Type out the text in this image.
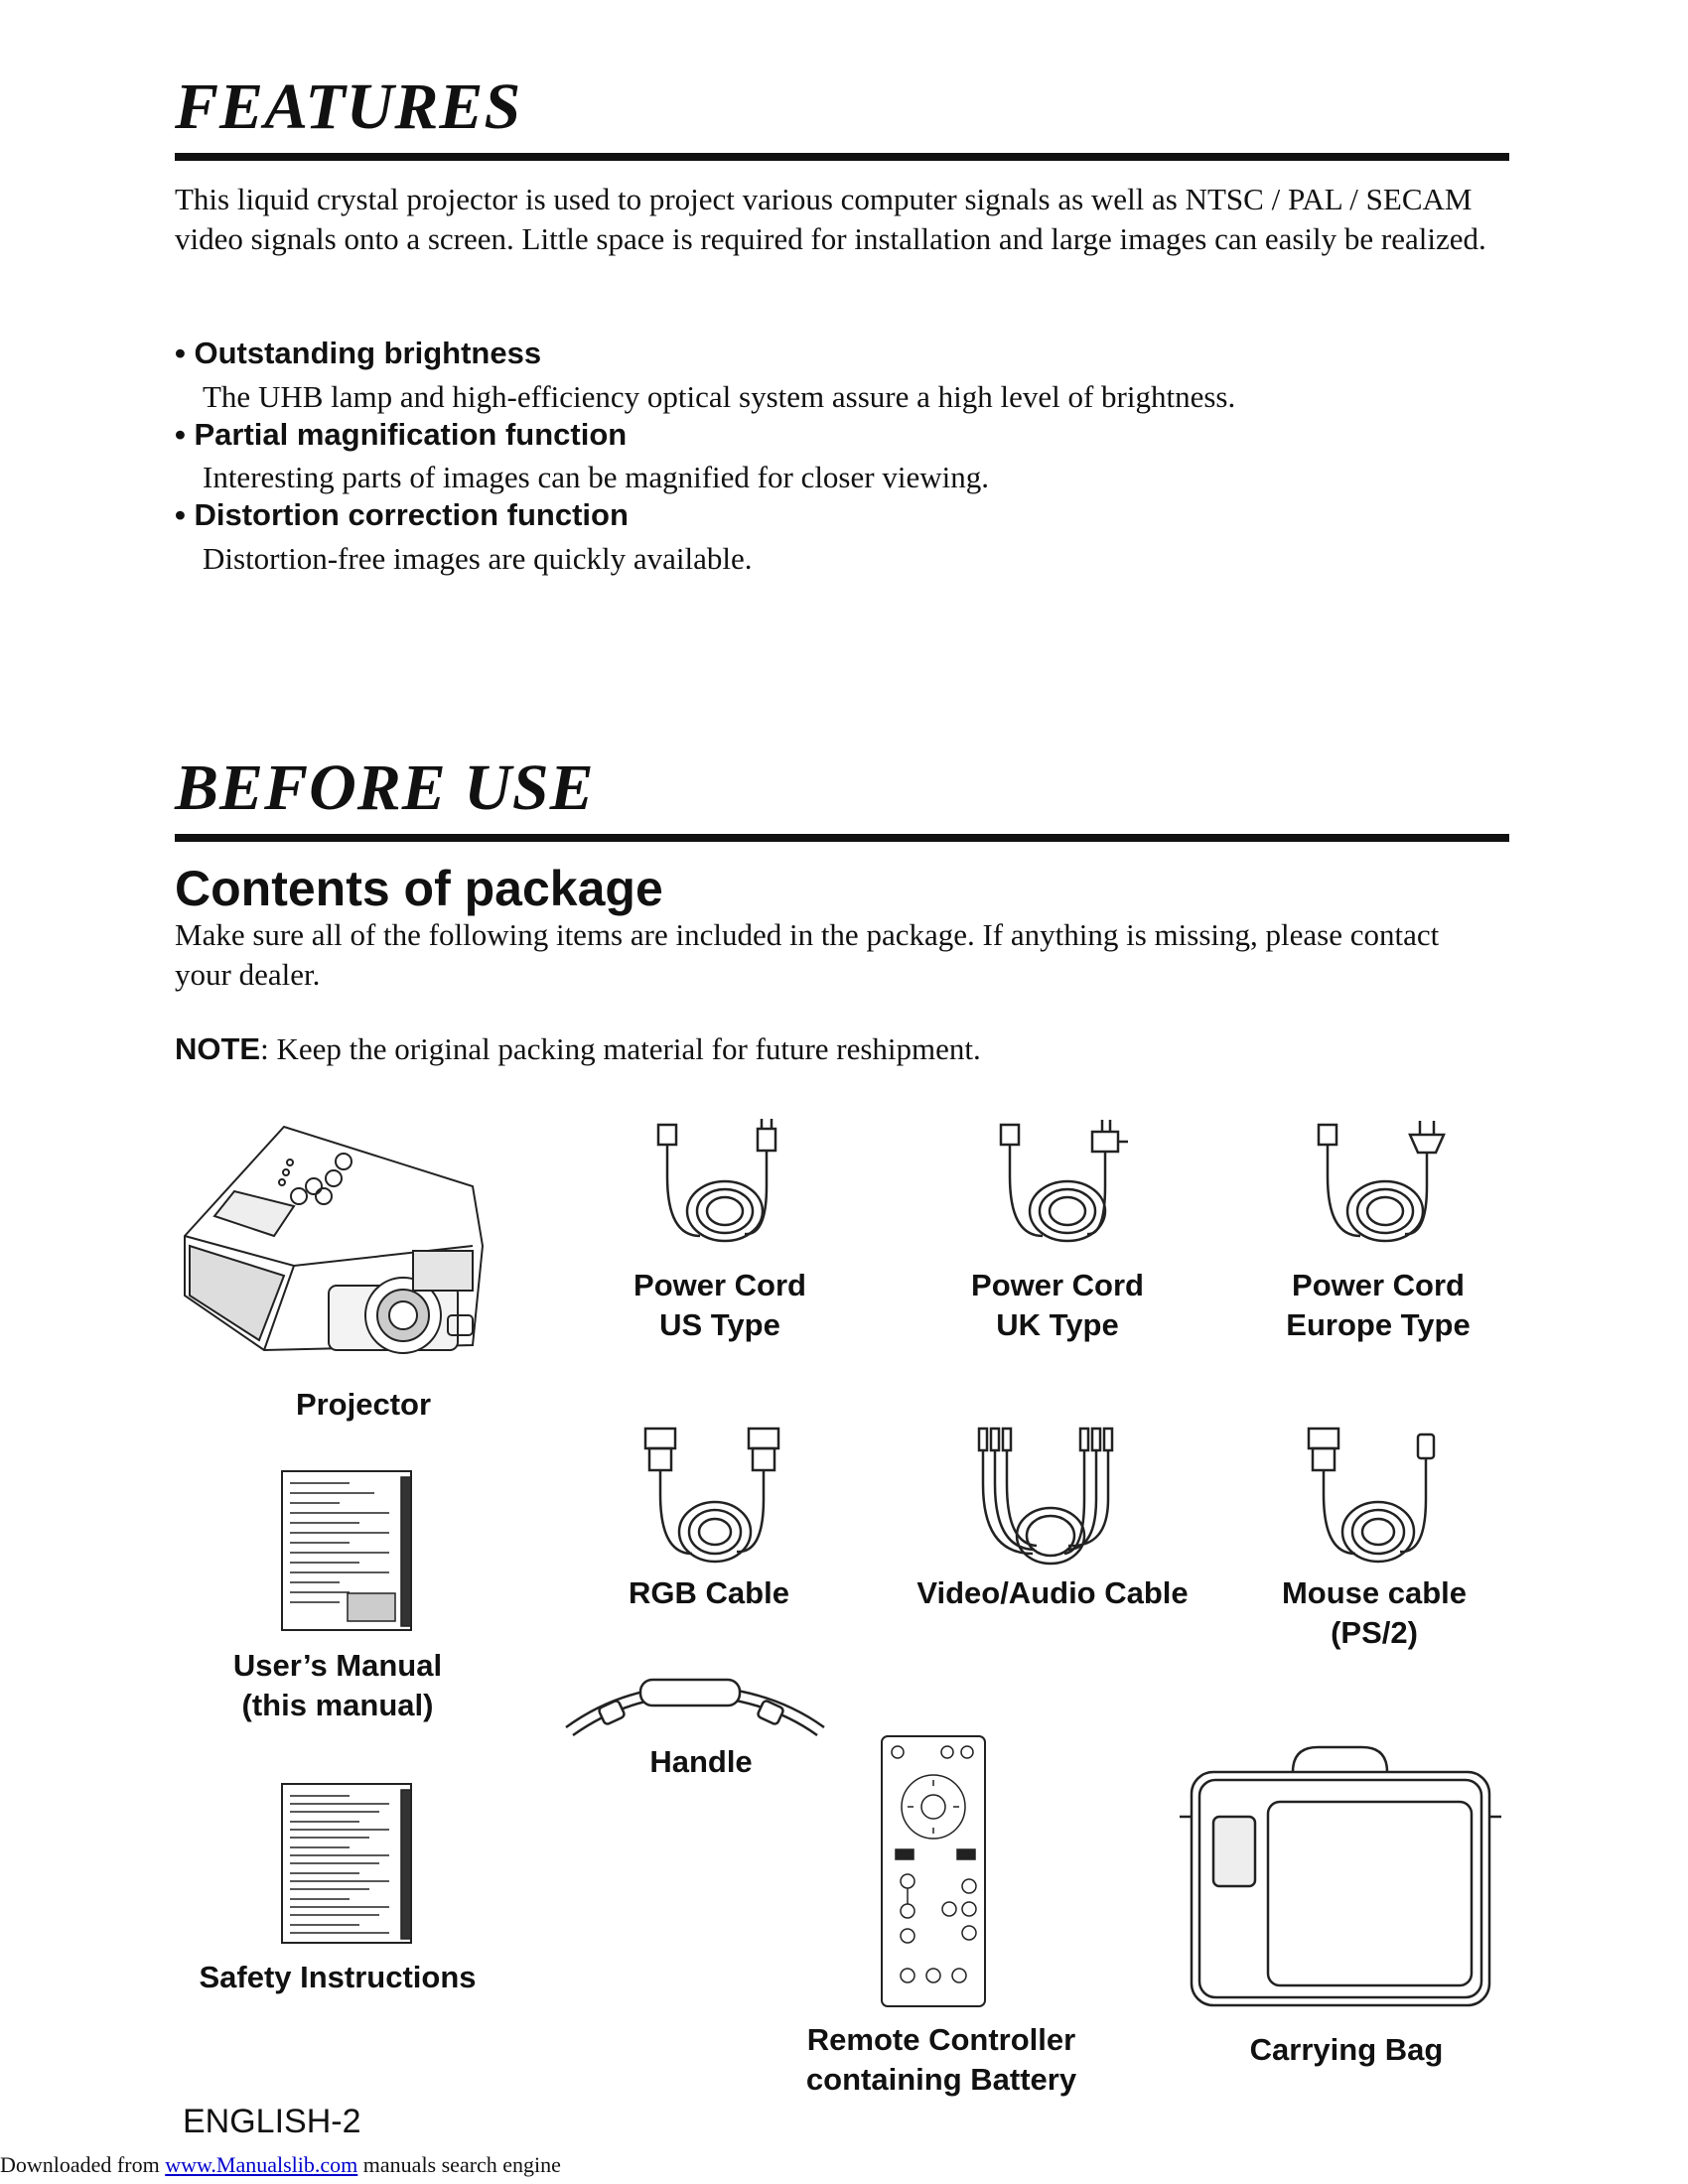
FEATURES
This liquid crystal projector is used to project various computer signals as well as NTSC / PAL / SECAM video signals onto a screen. Little space is required for installation and large images can easily be realized.
• Outstanding brightness
The UHB lamp and high-efficiency optical system assure a high level of brightness.
• Partial magnification function
Interesting parts of images can be magnified for closer viewing.
• Distortion correction function
Distortion-free images are quickly available.
BEFORE USE
Contents of package
Make sure all of the following items are included in the package. If anything is missing, please contact your dealer.
NOTE: Keep the original packing material for future reshipment.
Projector
Power Cord
US Type
Power Cord
UK Type
Power Cord
Europe Type
RGB Cable	Video/Audio Cable	Mouse cable
(PS/2)
User’s Manual
(this manual)
Handle
Safety Instructions
Remote Controller
containing Battery
Carrying Bag
ENGLISH-2
Downloaded from www.Manualslib.com manuals search engine
